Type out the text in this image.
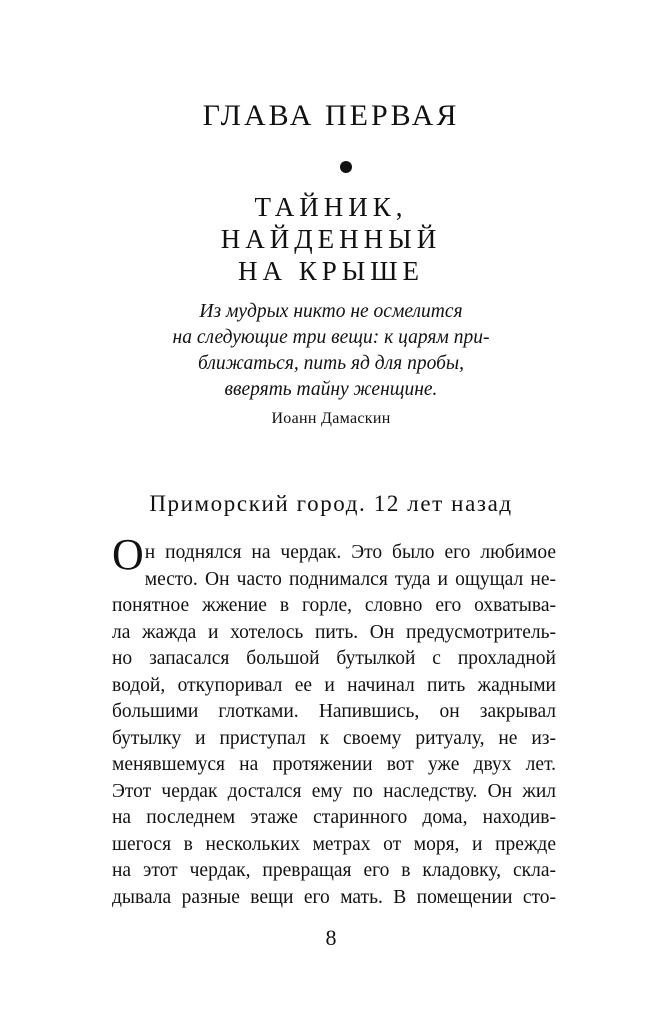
ГЛАВА ПЕРВАЯ
ТАЙНИК,
НАЙДЕННЫЙ
НА КРЫШЕ
Из мудрых никто не осмелится
на следующие три вещи: к царям при-
ближаться, пить яд для пробы,
вверять тайну женщине.
Иоанн Дамаскин
Приморский город. 12 лет назад
Он поднялся на чердак. Это было его любимое
место. Он часто поднимался туда и ощущал не-
понятное жжение в горле, словно его охватыва-
ла жажда и хотелось пить. Он предусмотритель-
но запасался большой бутылкой с прохладной
водой, откупоривал ее и начинал пить жадными
большими глотками. Напившись, он закрывал
бутылку и приступал к своему ритуалу, не из-
менявшемуся на протяжении вот уже двух лет.
Этот чердак достался ему по наследству. Он жил
на последнем этаже старинного дома, находив-
шегося в нескольких метрах от моря, и прежде
на этот чердак, превращая его в кладовку, скла-
дывала разные вещи его мать. В помещении сто-
8
